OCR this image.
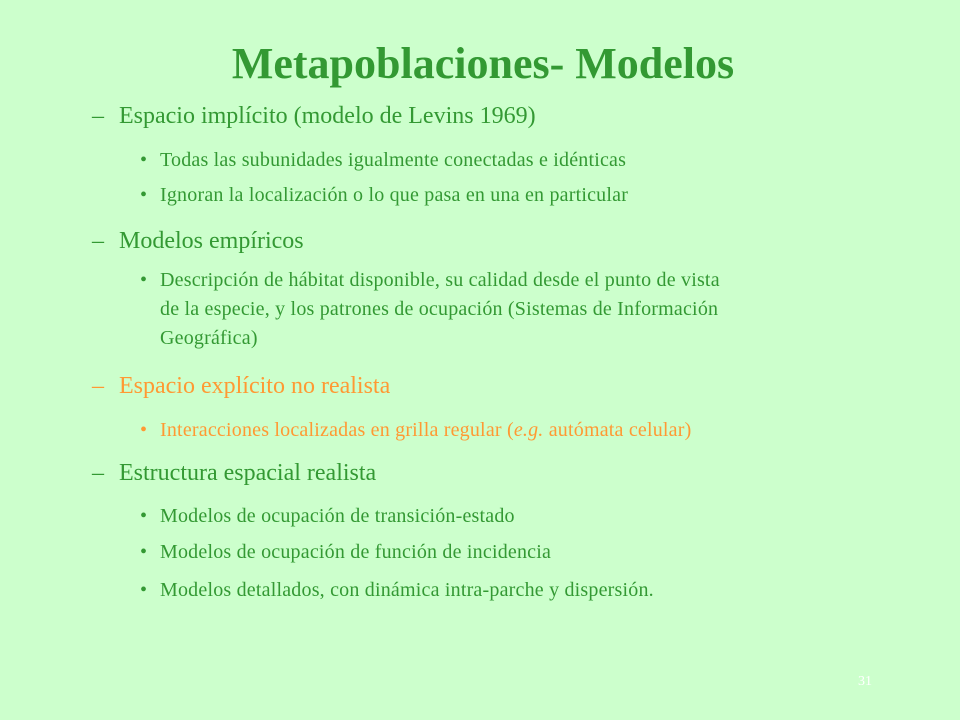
Metapoblaciones- Modelos
– Espacio implícito (modelo de Levins 1969)
• Todas las subunidades igualmente conectadas e idénticas
• Ignoran la localización o lo que pasa en una en particular
– Modelos empíricos
• Descripción de hábitat disponible, su calidad desde el punto de vista de la especie, y los patrones de ocupación (Sistemas de Información Geográfica)
– Espacio explícito no realista
• Interacciones localizadas en grilla regular (e.g. autómata celular)
– Estructura espacial realista
• Modelos de ocupación de transición-estado
• Modelos de ocupación de función de incidencia
• Modelos detallados, con dinámica intra-parche y dispersión.
31
